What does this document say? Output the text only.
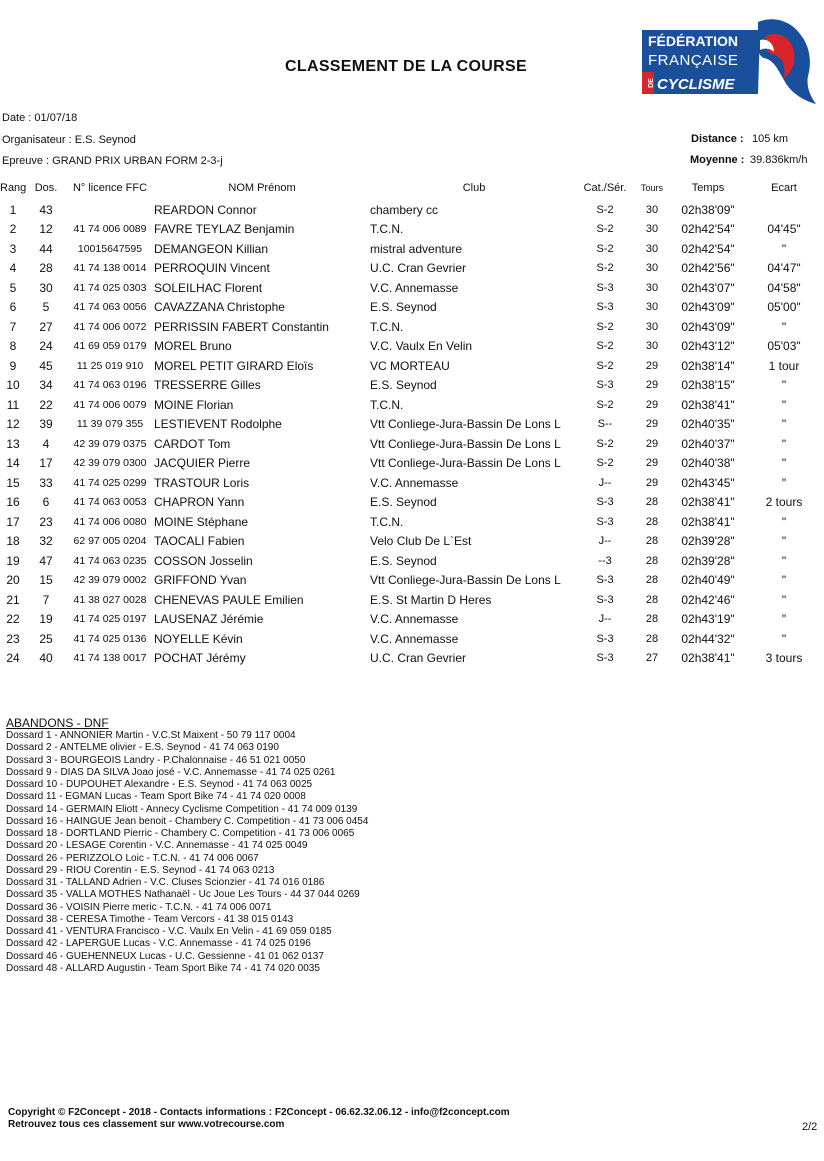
CLASSEMENT DE LA COURSE
FÉDÉRATION
FRANÇAISE
DE CYCLISME
Date : 01/07/18
Organisateur : E.S. Seynod
Epreuve : GRAND PRIX URBAN FORM 2-3-j
Distance : 105 km
Moyenne : 39.836km/h
Rang	Dos.	N° licence FFC	NOM Prénom	Club	Cat./Sér.	Tours	Temps	Ecart
1	43		REARDON Connor	chambery cc	S-2	30	02h38'09"	
2	12	41 74 006 0089	FAVRE TEYLAZ Benjamin	T.C.N.	S-2	30	02h42'54"	04'45"
3	44	10015647595	DEMANGEON Killian	mistral adventure	S-2	30	02h42'54"	"
4	28	41 74 138 0014	PERROQUIN Vincent	U.C. Cran Gevrier	S-2	30	02h42'56"	04'47"
5	30	41 74 025 0303	SOLEILHAC Florent	V.C. Annemasse	S-3	30	02h43'07"	04'58"
6	5	41 74 063 0056	CAVAZZANA Christophe	E.S. Seynod	S-3	30	02h43'09"	05'00"
7	27	41 74 006 0072	PERRISSIN FABERT Constantin	T.C.N.	S-2	30	02h43'09"	"
8	24	41 69 059 0179	MOREL Bruno	V.C. Vaulx En Velin	S-2	30	02h43'12"	05'03"
9	45	11 25 019 910	MOREL PETIT GIRARD Eloïs	VC MORTEAU	S-2	29	02h38'14"	1 tour
10	34	41 74 063 0196	TRESSERRE Gilles	E.S. Seynod	S-3	29	02h38'15"	"
11	22	41 74 006 0079	MOINE Florian	T.C.N.	S-2	29	02h38'41"	"
12	39	11 39 079 355	LESTIEVENT Rodolphe	Vtt Conliege-Jura-Bassin De Lons L	S--	29	02h40'35"	"
13	4	42 39 079 0375	CARDOT Tom	Vtt Conliege-Jura-Bassin De Lons L	S-2	29	02h40'37"	"
14	17	42 39 079 0300	JACQUIER Pierre	Vtt Conliege-Jura-Bassin De Lons L	S-2	29	02h40'38"	"
15	33	41 74 025 0299	TRASTOUR Loris	V.C. Annemasse	J--	29	02h43'45"	"
16	6	41 74 063 0053	CHAPRON Yann	E.S. Seynod	S-3	28	02h38'41"	2 tours
17	23	41 74 006 0080	MOINE Stéphane	T.C.N.	S-3	28	02h38'41"	"
18	32	62 97 005 0204	TAOCALI Fabien	Velo Club De L`Est	J--	28	02h39'28"	"
19	47	41 74 063 0235	COSSON Josselin	E.S. Seynod	--3	28	02h39'28"	"
20	15	42 39 079 0002	GRIFFOND Yvan	Vtt Conliege-Jura-Bassin De Lons L	S-3	28	02h40'49"	"
21	7	41 38 027 0028	CHENEVAS PAULE Emilien	E.S. St Martin D Heres	S-3	28	02h42'46"	"
22	19	41 74 025 0197	LAUSENAZ Jérémie	V.C. Annemasse	J--	28	02h43'19"	"
23	25	41 74 025 0136	NOYELLE Kévin	V.C. Annemasse	S-3	28	02h44'32"	"
24	40	41 74 138 0017	POCHAT Jérémy	U.C. Cran Gevrier	S-3	27	02h38'41"	3 tours
ABANDONS - DNF
Dossard 1 - ANNONIER Martin - V.C.St Maixent - 50 79 117 0004
Dossard 2 - ANTELME olivier - E.S. Seynod - 41 74 063 0190
Dossard 3 - BOURGEOIS Landry - P.Chalonnaise - 46 51 021 0050
Dossard 9 - DIAS DA SILVA Joao josé - V.C. Annemasse - 41 74 025 0261
Dossard 10 - DUPOUHET Alexandre - E.S. Seynod - 41 74 063 0025
Dossard 11 - EGMAN Lucas - Team Sport Bike 74 - 41 74 020 0008
Dossard 14 - GERMAIN Eliott - Annecy Cyclisme Competition - 41 74 009 0139
Dossard 16 - HAINGUE Jean benoit - Chambery C. Competition - 41 73 006 0454
Dossard 18 - DORTLAND Pierric - Chambery C. Competition - 41 73 006 0065
Dossard 20 - LESAGE Corentin - V.C. Annemasse - 41 74 025 0049
Dossard 26 - PERIZZOLO Loic - T.C.N. - 41 74 006 0067
Dossard 29 - RIOU Corentin - E.S. Seynod - 41 74 063 0213
Dossard 31 - TALLAND Adrien - V.C. Cluses Scionzier - 41 74 016 0186
Dossard 35 - VALLA MOTHES Nathanaël - Uc Joue Les Tours - 44 37 044 0269
Dossard 36 - VOISIN Pierre meric - T.C.N. - 41 74 006 0071
Dossard 38 - CERESA Timothe - Team Vercors - 41 38 015 0143
Dossard 41 - VENTURA Francisco - V.C. Vaulx En Velin - 41 69 059 0185
Dossard 42 - LAPERGUE Lucas - V.C. Annemasse - 41 74 025 0196
Dossard 46 - GUEHENNEUX Lucas - U.C. Gessienne - 41 01 062 0137
Dossard 48 - ALLARD Augustin - Team Sport Bike 74 - 41 74 020 0035
Copyright © F2Concept - 2018 - Contacts informations : F2Concept - 06.62.32.06.12 - info@f2concept.com
Retrouvez tous ces classement sur www.votrecourse.com	2/2
